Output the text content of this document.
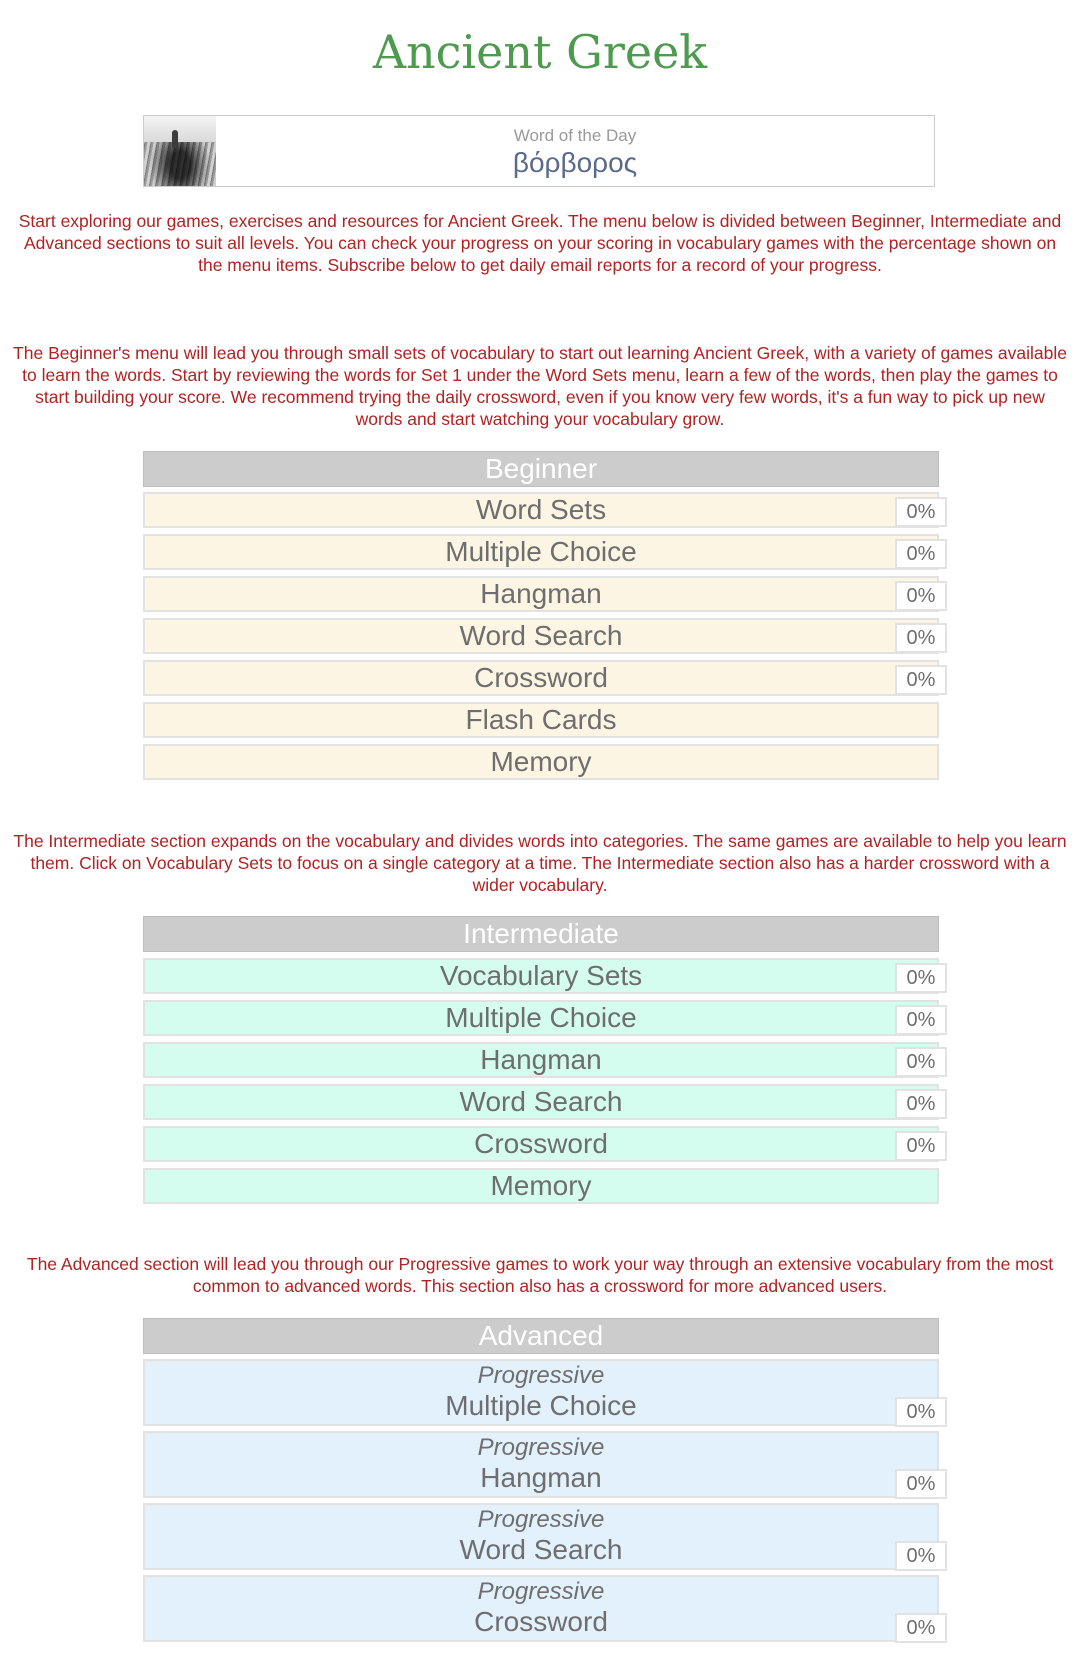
Ancient Greek
Word of the Day
βόρβορος

Start exploring our games, exercises and resources for Ancient Greek. The menu below is divided between Beginner, Intermediate and Advanced sections to suit all levels. You can check your progress on your scoring in vocabulary games with the percentage shown on the menu items. Subscribe below to get daily email reports for a record of your progress.

The Beginner's menu will lead you through small sets of vocabulary to start out learning Ancient Greek, with a variety of games available to learn the words. Start by reviewing the words for Set 1 under the Word Sets menu, learn a few of the words, then play the games to start building your score. We recommend trying the daily crossword, even if you know very few words, it's a fun way to pick up new words and start watching your vocabulary grow.

Beginner
Word Sets	0%
Multiple Choice	0%
Hangman	0%
Word Search	0%
Crossword	0%
Flash Cards
Memory

The Intermediate section expands on the vocabulary and divides words into categories. The same games are available to help you learn them. Click on Vocabulary Sets to focus on a single category at a time. The Intermediate section also has a harder crossword with a wider vocabulary.

Intermediate
Vocabulary Sets	0%
Multiple Choice	0%
Hangman	0%
Word Search	0%
Crossword	0%
Memory

The Advanced section will lead you through our Progressive games to work your way through an extensive vocabulary from the most common to advanced words. This section also has a crossword for more advanced users.

Advanced
Progressive
Multiple Choice	0%
Progressive
Hangman	0%
Progressive
Word Search	0%
Progressive
Crossword	0%
